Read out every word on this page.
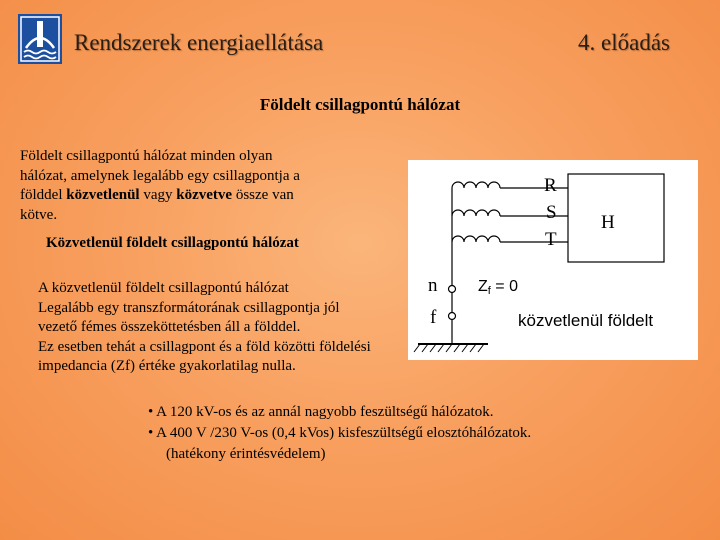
Rendszerek energiaellátása	4. előadás
Földelt csillagpontú hálózat
Földelt csillagpontú hálózat minden olyan
hálózat, amelynek legalább egy csillagpontja a
földdel közvetlenül vagy közvetve össze van
kötve.
Közvetlenül földelt csillagpontú hálózat
R
S
T
H
n
f
Zf = 0
közvetlenül földelt
A közvetlenül földelt csillagpontú hálózat
Legalább egy transzformátorának csillagpontja jól
vezető fémes összeköttetésben áll a földdel.
Ez esetben tehát a csillagpont és a föld közötti földelési
impedancia (Zf) értéke gyakorlatilag nulla.
• A 120 kV-os és az annál nagyobb feszültségű hálózatok.
• A 400 V /230 V-os (0,4 kVos) kisfeszültségű elosztóhálózatok.
(hatékony érintésvédelem)
